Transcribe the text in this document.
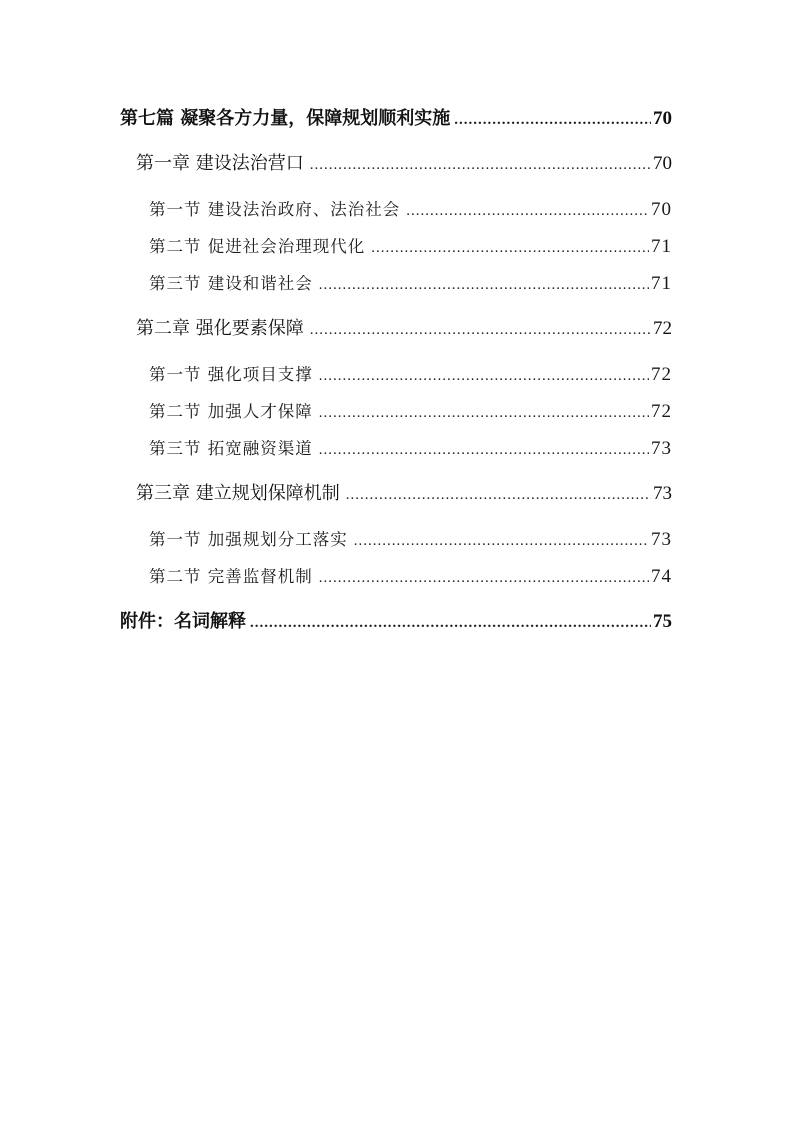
第七篇 凝聚各方力量，保障规划顺利实施 .....	70
第一章 建设法治营口 .....	70
第一节 建设法治政府、法治社会 .....	70
第二节 促进社会治理现代化 .....	71
第三节 建设和谐社会 .....	71
第二章 强化要素保障 .....	72
第一节 强化项目支撑 .....	72
第二节 加强人才保障 .....	72
第三节 拓宽融资渠道 .....	73
第三章 建立规划保障机制 .....	73
第一节 加强规划分工落实 .....	73
第二节 完善监督机制 .....	74
附件：名词解释 .....	75
